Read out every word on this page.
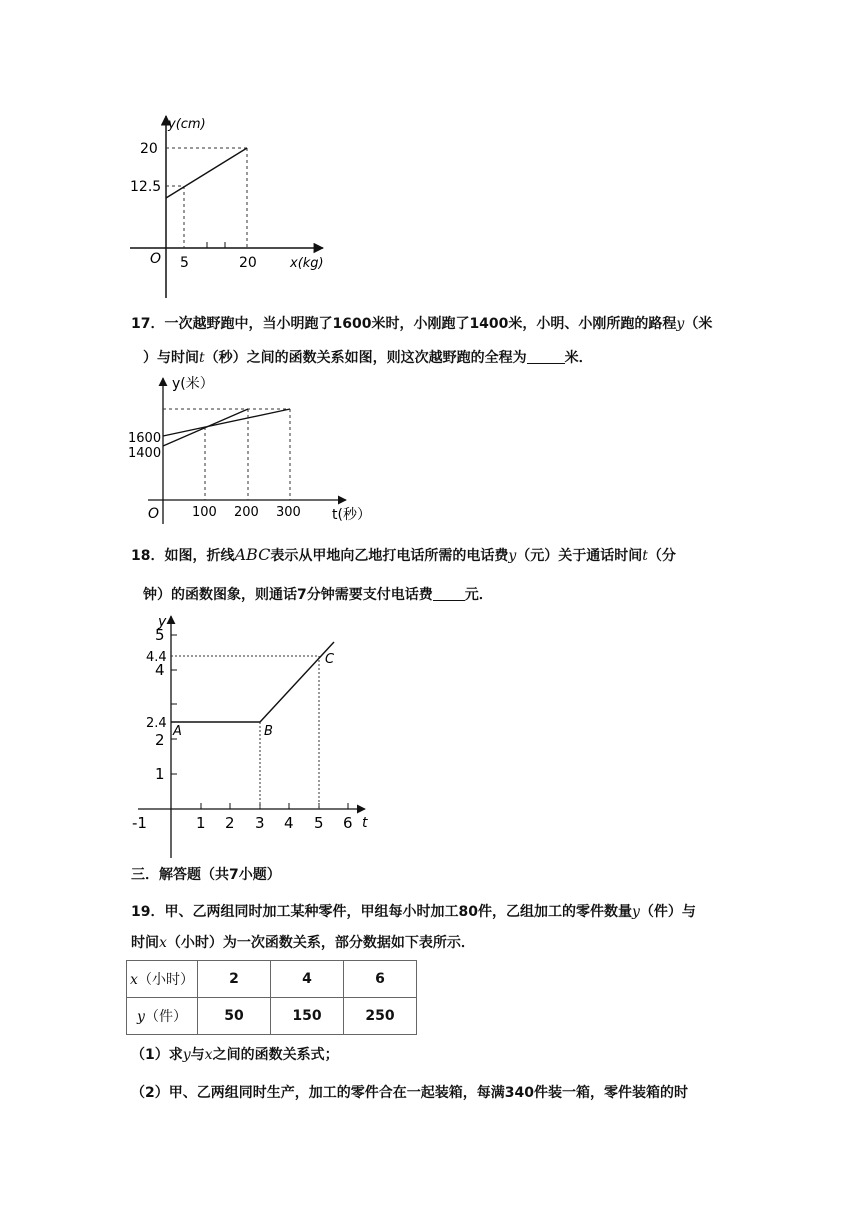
y(cm)
20
12.5
O 5	20	x(kg)
17．一次越野跑中，当小明跑了1600米时，小刚跑了1400米，小明、小刚所跑的路程y（米
）与时间t（秒）之间的函数关系如图，则这次越野跑的全程为	米．
y(米）
1600
1400
O	100 200 300 t(秒）
18．如图，折线ABC表示从甲地向乙地打电话所需的电话费y（元）关于通话时间t（分
钟）的函数图象，则通话7分钟需要支付电话费 元．
y
5
4.4
4
2.4
2
1
-1	1 2 3 4 5 6 t
A	B
C
三．解答题（共7小题）
19．甲、乙两组同时加工某种零件，甲组每小时加工80件，乙组加工的零件数量y（件）与
时间x（小时）为一次函数关系，部分数据如下表所示．
x（小时）	2	4	6
y（件）	50	150	250
（1）求y与x之间的函数关系式；
（2）甲、乙两组同时生产，加工的零件合在一起装箱，每满340件装一箱，零件装箱的时
